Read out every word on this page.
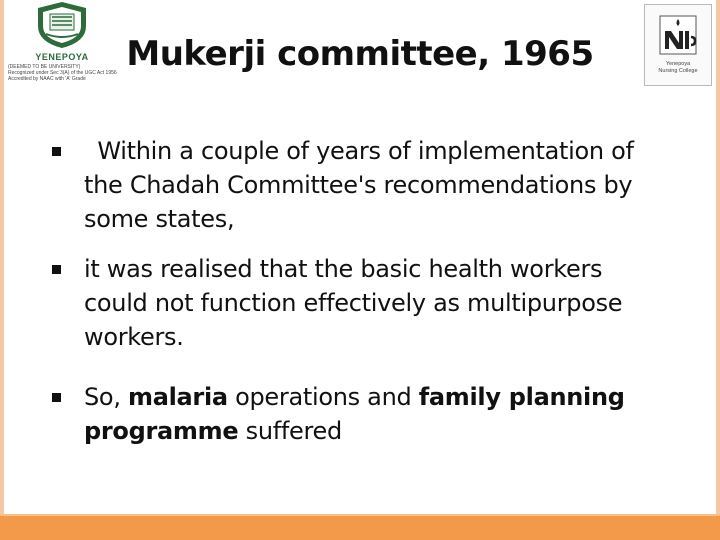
YENEPOYA
(DEEMED TO BE UNIVERSITY)
Recognized under Sec 3(A) of the UGC Act 1956
Accredited by NAAC with 'A' Grade
Yenepoya
Nursing College
Mukerji committee, 1965
Within a couple of years of implementation of
the Chadah Committee's recommendations by
some states,
it was realised that the basic health workers
could not function effectively as multipurpose
workers.
So, malaria operations and family planning
programme suffered
